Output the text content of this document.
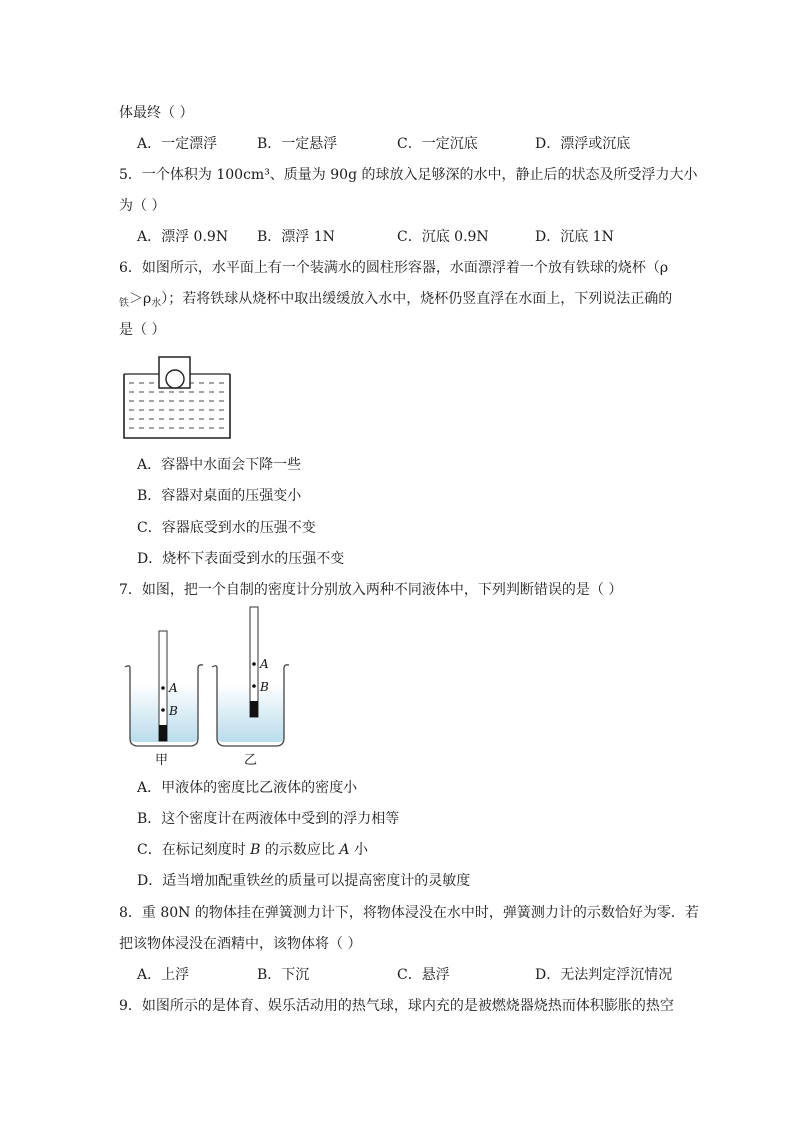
体最终（ ）
A．一定漂浮	B．一定悬浮	C．一定沉底	D．漂浮或沉底
5．一个体积为 100cm³、质量为 90g 的球放入足够深的水中，静止后的状态及所受浮力大小
为（ ）
A．漂浮 0.9N B．漂浮 1N	C．沉底 0.9N	D．沉底 1N
6．如图所示，水平面上有一个装满水的圆柱形容器，水面漂浮着一个放有铁球的烧杯（ρ
$_铁>\rho_水$）；若将铁球从烧杯中取出缓缓放入水中，烧杯仍竖直浮在水面上，下列说法正确的
是（ ）
A．容器中水面会下降一些
B．容器对桌面的压强变小
C．容器底受到水的压强不变
D．烧杯下表面受到水的压强不变
7．如图，把一个自制的密度计分别放入两种不同液体中，下列判断错误的是（ ）
A
B
A
B
甲	乙
A．甲液体的密度比乙液体的密度小
B．这个密度计在两液体中受到的浮力相等
C．在标记刻度时 B 的示数应比 A 小
D．适当增加配重铁丝的质量可以提高密度计的灵敏度
8．重 80N 的物体挂在弹簧测力计下，将物体浸没在水中时，弹簧测力计的示数恰好为零．若
把该物体浸没在酒精中，该物体将（ ）
A．上浮	B．下沉	C．悬浮	D．无法判定浮沉情况
9．如图所示的是体育、娱乐活动用的热气球，球内充的是被燃烧器烧热而体积膨胀的热空
